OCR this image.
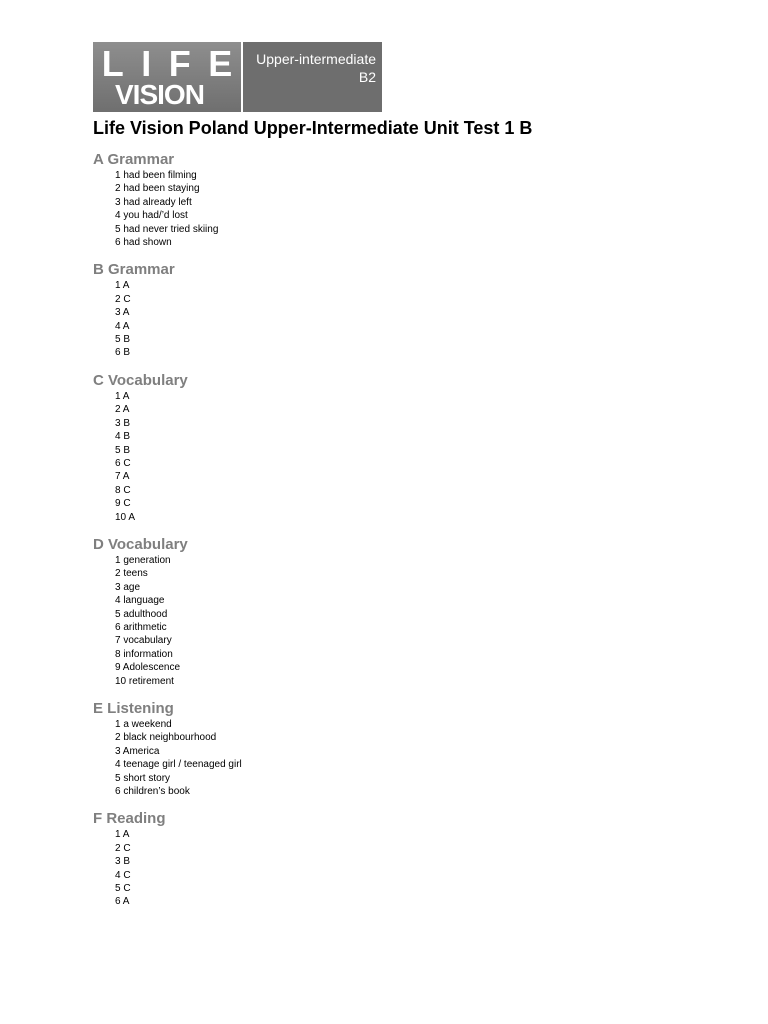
L I F E
VISION
Upper-intermediate
B2
Life Vision Poland Upper-Intermediate Unit Test 1 B
A Grammar
1 had been filming
2 had been staying
3 had already left
4 you had/’d lost
5 had never tried skiing
6 had shown
B Grammar
1 A
2 C
3 A
4 A
5 B
6 B
C Vocabulary
1 A
2 A
3 B
4 B
5 B
6 C
7 A
8 C
9 C
10 A
D Vocabulary
1 generation
2 teens
3 age
4 language
5 adulthood
6 arithmetic
7 vocabulary
8 information
9 Adolescence
10 retirement
E Listening
1 a weekend
2 black neighbourhood
3 America
4 teenage girl / teenaged girl
5 short story
6 children’s book
F Reading
1 A
2 C
3 B
4 C
5 C
6 A
